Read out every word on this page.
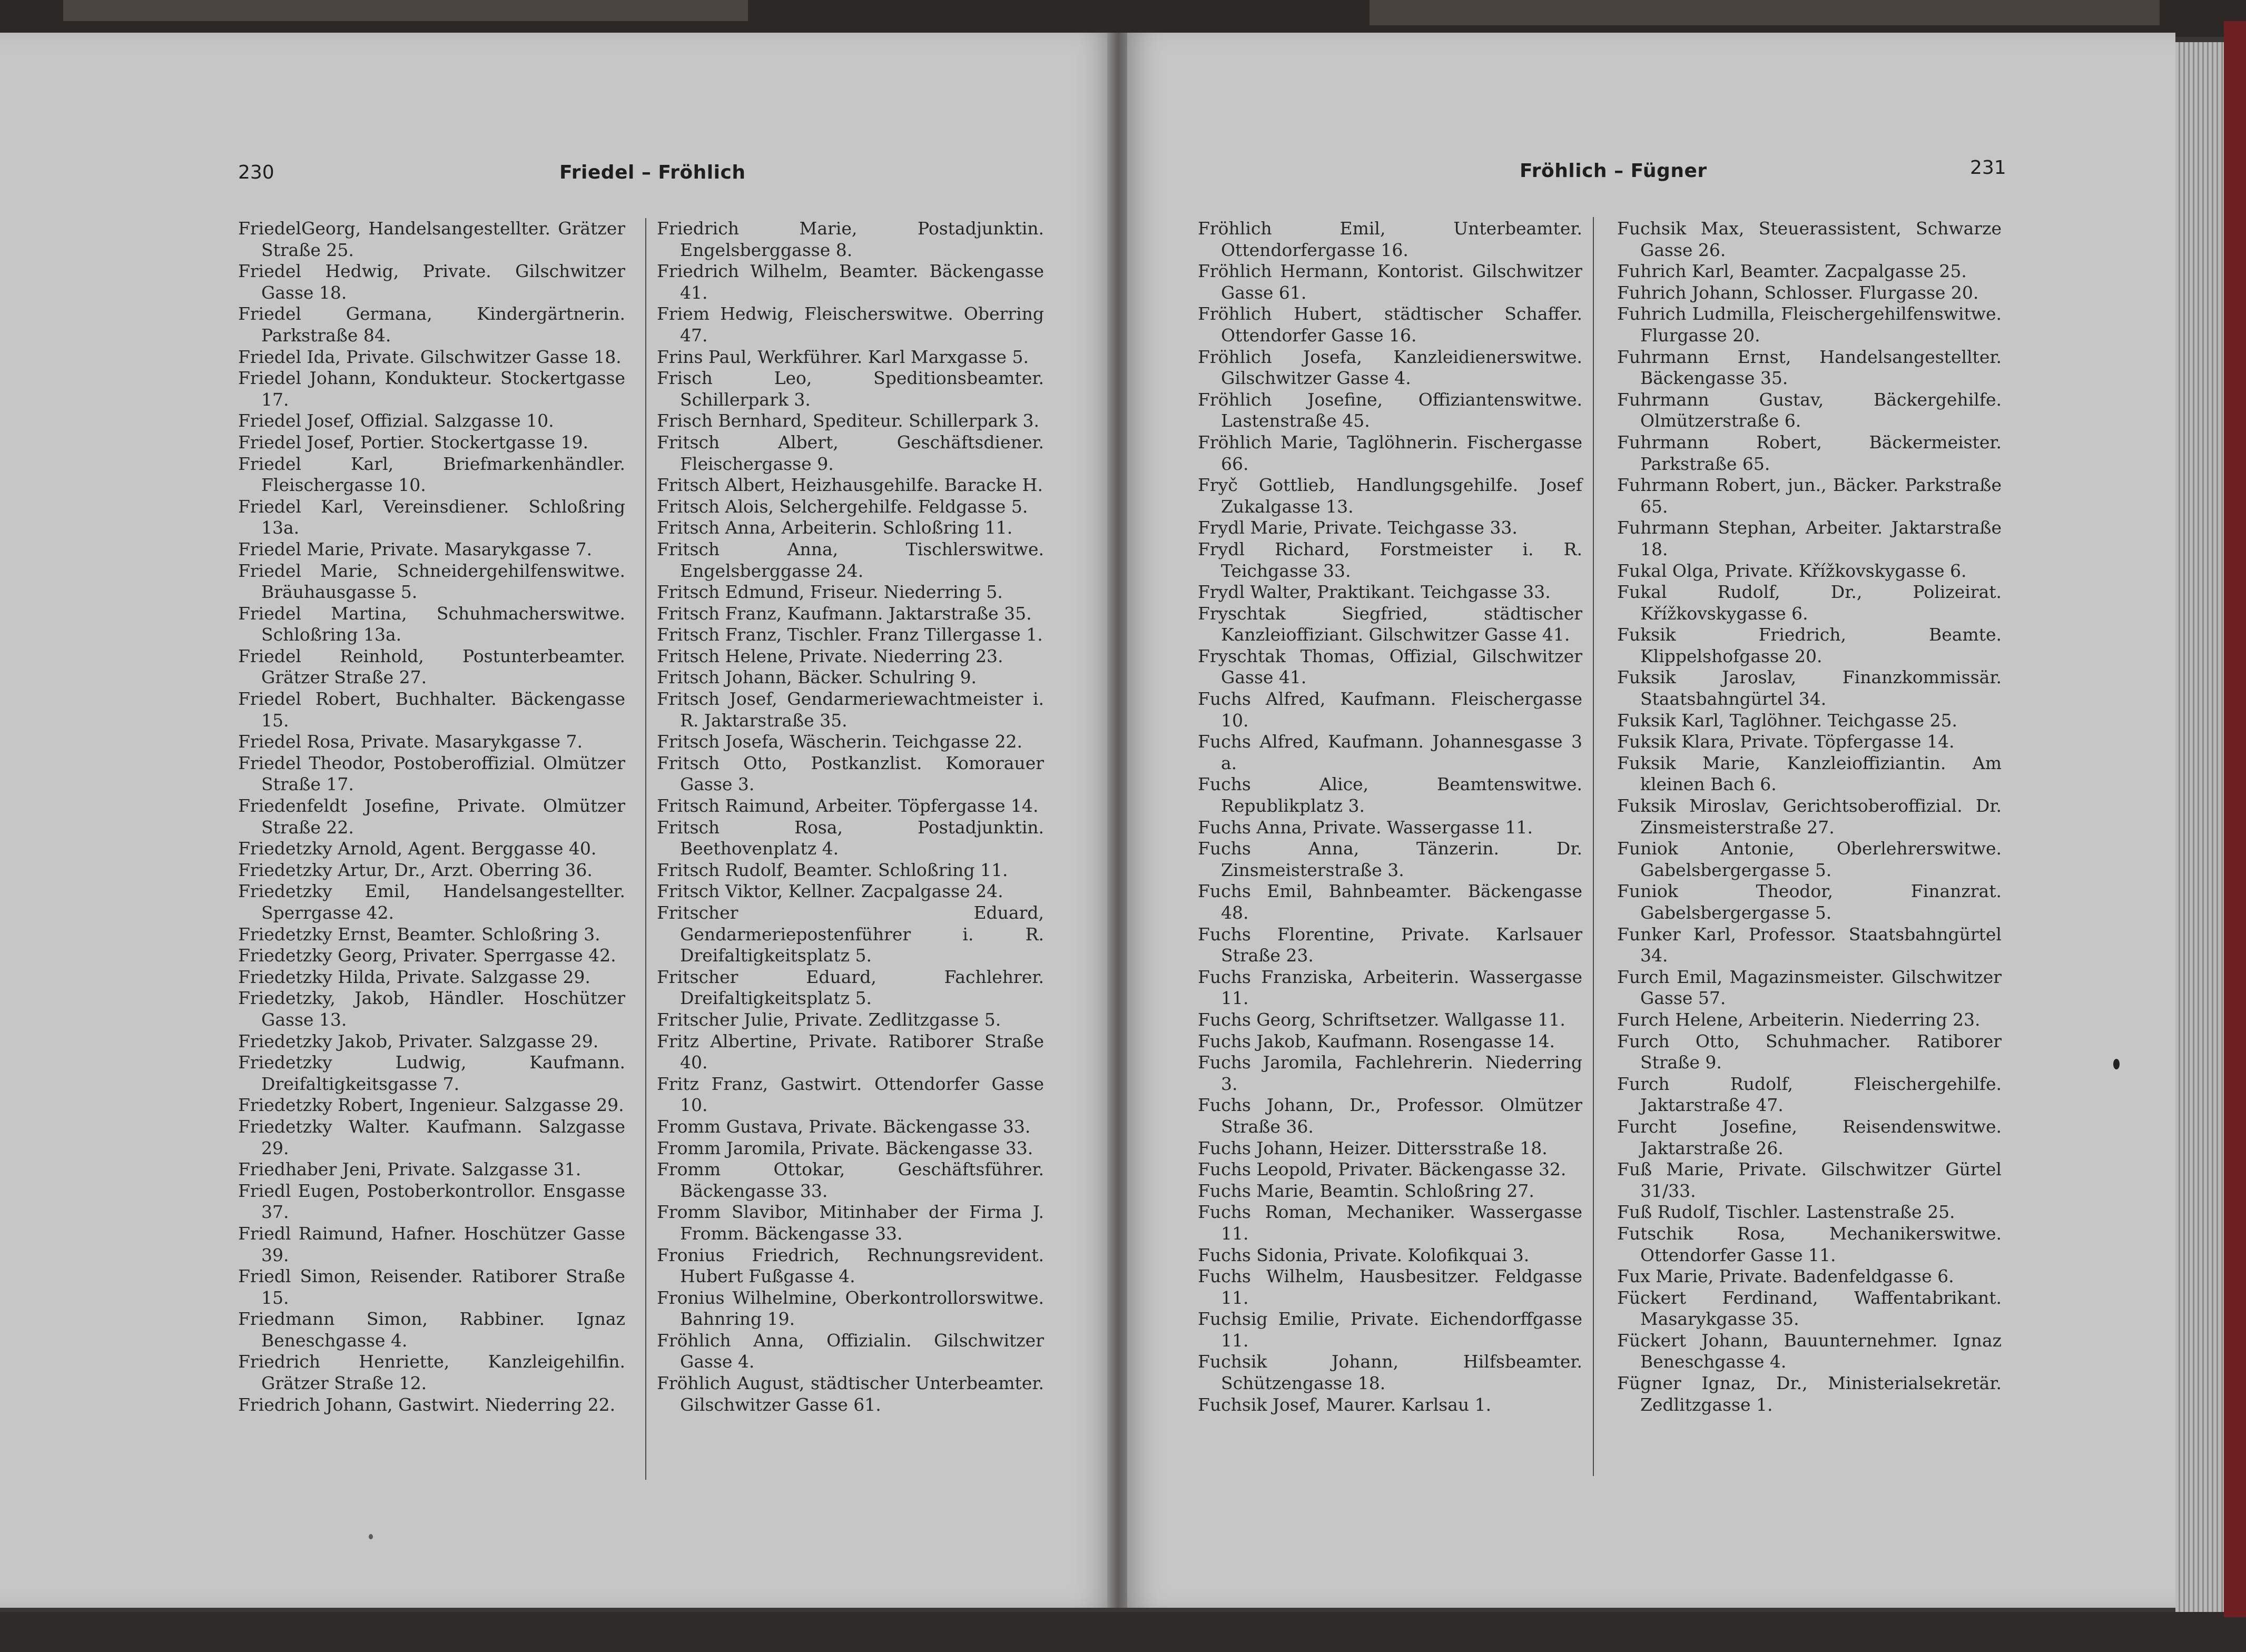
230	Friedel – Fröhlich

FriedelGeorg, Handelsangestellter. Grätzer Straße 25.

Friedel Hedwig, Private. Gilschwitzer Gasse 18.

Friedel Germana, Kindergärtnerin. Parkstraße 84.

Friedel Ida, Private. Gilschwitzer Gasse 18.

Friedel Johann, Kondukteur. Stockertgasse 17.

Friedel Josef, Offizial. Salzgasse 10.

Friedel Josef, Portier. Stockertgasse 19.

Friedel Karl, Briefmarkenhändler. Fleischergasse 10.

Friedel Karl, Vereinsdiener. Schloßring 13a.

Friedel Marie, Private. Masarykgasse 7.

Friedel Marie, Schneidergehilfenswitwe. Bräuhausgasse 5.

Friedel Martina, Schuhmacherswitwe. Schloßring 13a.

Friedel Reinhold, Postunterbeamter. Grätzer Straße 27.

Friedel Robert, Buchhalter. Bäckengasse 15.

Friedel Rosa, Private. Masarykgasse 7.

Friedel Theodor, Postoberoffizial. Olmützer Straße 17.

Friedenfeldt Josefine, Private. Olmützer Straße 22.

Friedetzky Arnold, Agent. Berggasse 40.

Friedetzky Artur, Dr., Arzt. Oberring 36.

Friedetzky Emil, Handelsangestellter. Sperrgasse 42.

Friedetzky Ernst, Beamter. Schloßring 3.

Friedetzky Georg, Privater. Sperrgasse 42.

Friedetzky Hilda, Private. Salzgasse 29.

Friedetzky, Jakob, Händler. Hoschützer Gasse 13.

Friedetzky Jakob, Privater. Salzgasse 29.

Friedetzky Ludwig, Kaufmann. Dreifaltigkeitsgasse 7.

Friedetzky Robert, Ingenieur. Salzgasse 29.

Friedetzky Walter. Kaufmann. Salzgasse 29.

Friedhaber Jeni, Private. Salzgasse 31.

Friedl Eugen, Postoberkontrollor. Ensgasse 37.

Friedl Raimund, Hafner. Hoschützer Gasse 39.

Friedl Simon, Reisender. Ratiborer Straße 15.

Friedmann Simon, Rabbiner. Ignaz Beneschgasse 4.

Friedrich Henriette, Kanzleigehilfin. Grätzer Straße 12.

Friedrich Johann, Gastwirt. Niederring 22.

Friedrich Marie, Postadjunktin. Engelsberggasse 8.

Friedrich Wilhelm, Beamter. Bäckengasse 41.

Friem Hedwig, Fleischerswitwe. Oberring 47.

Frins Paul, Werkführer. Karl Marxgasse 5.

Frisch Leo, Speditionsbeamter. Schillerpark 3.

Frisch Bernhard, Spediteur. Schillerpark 3.

Fritsch Albert, Geschäftsdiener. Fleischergasse 9.

Fritsch Albert, Heizhausgehilfe. Baracke H.

Fritsch Alois, Selchergehilfe. Feldgasse 5.

Fritsch Anna, Arbeiterin. Schloßring 11.

Fritsch Anna, Tischlerswitwe. Engelsberggasse 24.

Fritsch Edmund, Friseur. Niederring 5.

Fritsch Franz, Kaufmann. Jaktarstraße 35.

Fritsch Franz, Tischler. Franz Tillergasse 1.

Fritsch Helene, Private. Niederring 23.

Fritsch Johann, Bäcker. Schulring 9.

Fritsch Josef, Gendarmeriewachtmeister i. R. Jaktarstraße 35.

Fritsch Josefa, Wäscherin. Teichgasse 22.

Fritsch Otto, Postkanzlist. Komorauer Gasse 3.

Fritsch Raimund, Arbeiter. Töpfergasse 14.

Fritsch Rosa, Postadjunktin. Beethovenplatz 4.

Fritsch Rudolf, Beamter. Schloßring 11.

Fritsch Viktor, Kellner. Zacpalgasse 24.

Fritscher Eduard, Gendarmeriepostenführer i. R. Dreifaltigkeitsplatz 5.

Fritscher Eduard, Fachlehrer. Dreifaltigkeitsplatz 5.

Fritscher Julie, Private. Zedlitzgasse 5.

Fritz Albertine, Private. Ratiborer Straße 40.

Fritz Franz, Gastwirt. Ottendorfer Gasse 10.

Fromm Gustava, Private. Bäckengasse 33.

Fromm Jaromila, Private. Bäckengasse 33.

Fromm Ottokar, Geschäftsführer. Bäckengasse 33.

Fromm Slavibor, Mitinhaber der Firma J. Fromm. Bäckengasse 33.

Fronius Friedrich, Rechnungsrevident. Hubert Fußgasse 4.

Fronius Wilhelmine, Oberkontrollorswitwe. Bahnring 19.

Fröhlich Anna, Offizialin. Gilschwitzer Gasse 4.

Fröhlich August, städtischer Unterbeamter. Gilschwitzer Gasse 61.

Fröhlich – Fügner	231

Fröhlich Emil, Unterbeamter. Ottendorfergasse 16.

Fröhlich Hermann, Kontorist. Gilschwitzer Gasse 61.

Fröhlich Hubert, städtischer Schaffer. Ottendorfer Gasse 16.

Fröhlich Josefa, Kanzleidienerswitwe. Gilschwitzer Gasse 4.

Fröhlich Josefine, Offiziantenswitwe. Lastenstraße 45.

Fröhlich Marie, Taglöhnerin. Fischergasse 66.

Fryč Gottlieb, Handlungsgehilfe. Josef Zukalgasse 13.

Frydl Marie, Private. Teichgasse 33.

Frydl Richard, Forstmeister i. R. Teichgasse 33.

Frydl Walter, Praktikant. Teichgasse 33.

Fryschtak Siegfried, städtischer Kanzleioffiziant. Gilschwitzer Gasse 41.

Fryschtak Thomas, Offizial, Gilschwitzer Gasse 41.

Fuchs Alfred, Kaufmann. Fleischergasse 10.

Fuchs Alfred, Kaufmann. Johannesgasse 3 a.

Fuchs Alice, Beamtenswitwe. Republikplatz 3.

Fuchs Anna, Private. Wassergasse 11.

Fuchs Anna, Tänzerin. Dr. Zinsmeisterstraße 3.

Fuchs Emil, Bahnbeamter. Bäckengasse 48.

Fuchs Florentine, Private. Karlsauer Straße 23.

Fuchs Franziska, Arbeiterin. Wassergasse 11.

Fuchs Georg, Schriftsetzer. Wallgasse 11.

Fuchs Jakob, Kaufmann. Rosengasse 14.

Fuchs Jaromila, Fachlehrerin. Niederring 3.

Fuchs Johann, Dr., Professor. Olmützer Straße 36.

Fuchs Johann, Heizer. Dittersstraße 18.

Fuchs Leopold, Privater. Bäckengasse 32.

Fuchs Marie, Beamtin. Schloßring 27.

Fuchs Roman, Mechaniker. Wassergasse 11.

Fuchs Sidonia, Private. Kolofikquai 3.

Fuchs Wilhelm, Hausbesitzer. Feldgasse 11.

Fuchsig Emilie, Private. Eichendorffgasse 11.

Fuchsik Johann, Hilfsbeamter. Schützengasse 18.

Fuchsik Josef, Maurer. Karlsau 1.

Fuchsik Max, Steuerassistent, Schwarze Gasse 26.

Fuhrich Karl, Beamter. Zacpalgasse 25.

Fuhrich Johann, Schlosser. Flurgasse 20.

Fuhrich Ludmilla, Fleischergehilfenswitwe. Flurgasse 20.

Fuhrmann Ernst, Handelsangestellter. Bäckengasse 35.

Fuhrmann Gustav, Bäckergehilfe. Olmützerstraße 6.

Fuhrmann Robert, Bäckermeister. Parkstraße 65.

Fuhrmann Robert, jun., Bäcker. Parkstraße 65.

Fuhrmann Stephan, Arbeiter. Jaktarstraße 18.

Fukal Olga, Private. Křížkovskygasse 6.

Fukal Rudolf, Dr., Polizeirat. Křížkovskygasse 6.

Fuksik Friedrich, Beamte. Klippelshofgasse 20.

Fuksik Jaroslav, Finanzkommissär. Staatsbahngürtel 34.

Fuksik Karl, Taglöhner. Teichgasse 25.

Fuksik Klara, Private. Töpfergasse 14.

Fuksik Marie, Kanzleioffiziantin. Am kleinen Bach 6.

Fuksik Miroslav, Gerichtsoberoffizial. Dr. Zinsmeisterstraße 27.

Funiok Antonie, Oberlehrerswitwe. Gabelsbergergasse 5.

Funiok Theodor, Finanzrat. Gabelsbergergasse 5.

Funker Karl, Professor. Staatsbahngürtel 34.

Furch Emil, Magazinsmeister. Gilschwitzer Gasse 57.

Furch Helene, Arbeiterin. Niederring 23.

Furch Otto, Schuhmacher. Ratiborer Straße 9.

Furch Rudolf, Fleischergehilfe. Jaktarstraße 47.

Furcht Josefine, Reisendenswitwe. Jaktarstraße 26.

Fuß Marie, Private. Gilschwitzer Gürtel 31/33.

Fuß Rudolf, Tischler. Lastenstraße 25.

Futschik Rosa, Mechanikerswitwe. Ottendorfer Gasse 11.

Fux Marie, Private. Badenfeldgasse 6.

Fückert Ferdinand, Waffentabrikant. Masarykgasse 35.

Fückert Johann, Bauunternehmer. Ignaz Beneschgasse 4.

Fügner Ignaz, Dr., Ministerialsekretär. Zedlitzgasse 1.
